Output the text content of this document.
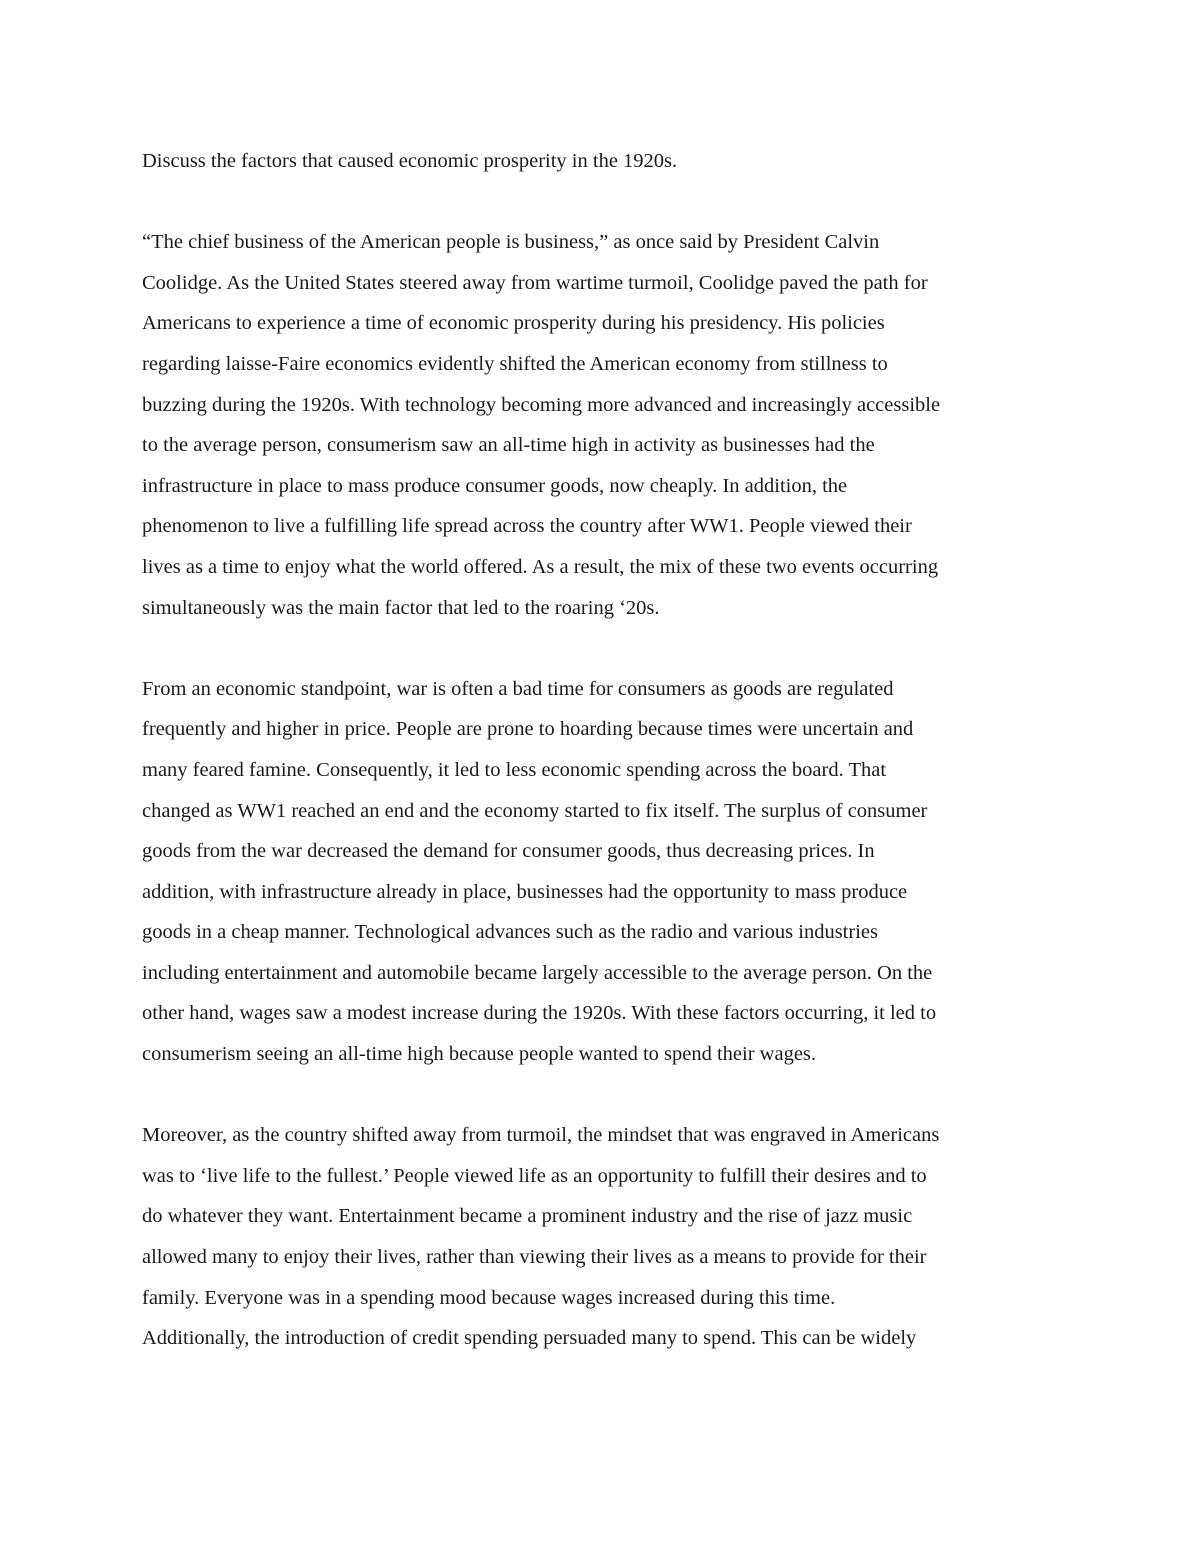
Discuss the factors that caused economic prosperity in the 1920s.

“The chief business of the American people is business,” as once said by President Calvin
Coolidge. As the United States steered away from wartime turmoil, Coolidge paved the path for
Americans to experience a time of economic prosperity during his presidency. His policies
regarding laisse-Faire economics evidently shifted the American economy from stillness to
buzzing during the 1920s. With technology becoming more advanced and increasingly accessible
to the average person, consumerism saw an all-time high in activity as businesses had the
infrastructure in place to mass produce consumer goods, now cheaply. In addition, the
phenomenon to live a fulfilling life spread across the country after WW1. People viewed their
lives as a time to enjoy what the world offered. As a result, the mix of these two events occurring
simultaneously was the main factor that led to the roaring ‘20s.
From an economic standpoint, war is often a bad time for consumers as goods are regulated
frequently and higher in price. People are prone to hoarding because times were uncertain and
many feared famine. Consequently, it led to less economic spending across the board. That
changed as WW1 reached an end and the economy started to fix itself. The surplus of consumer
goods from the war decreased the demand for consumer goods, thus decreasing prices. In
addition, with infrastructure already in place, businesses had the opportunity to mass produce
goods in a cheap manner. Technological advances such as the radio and various industries
including entertainment and automobile became largely accessible to the average person. On the
other hand, wages saw a modest increase during the 1920s. With these factors occurring, it led to
consumerism seeing an all-time high because people wanted to spend their wages.
Moreover, as the country shifted away from turmoil, the mindset that was engraved in Americans
was to ‘live life to the fullest.’ People viewed life as an opportunity to fulfill their desires and to
do whatever they want. Entertainment became a prominent industry and the rise of jazz music
allowed many to enjoy their lives, rather than viewing their lives as a means to provide for their
family. Everyone was in a spending mood because wages increased during this time.
Additionally, the introduction of credit spending persuaded many to spend. This can be widely
